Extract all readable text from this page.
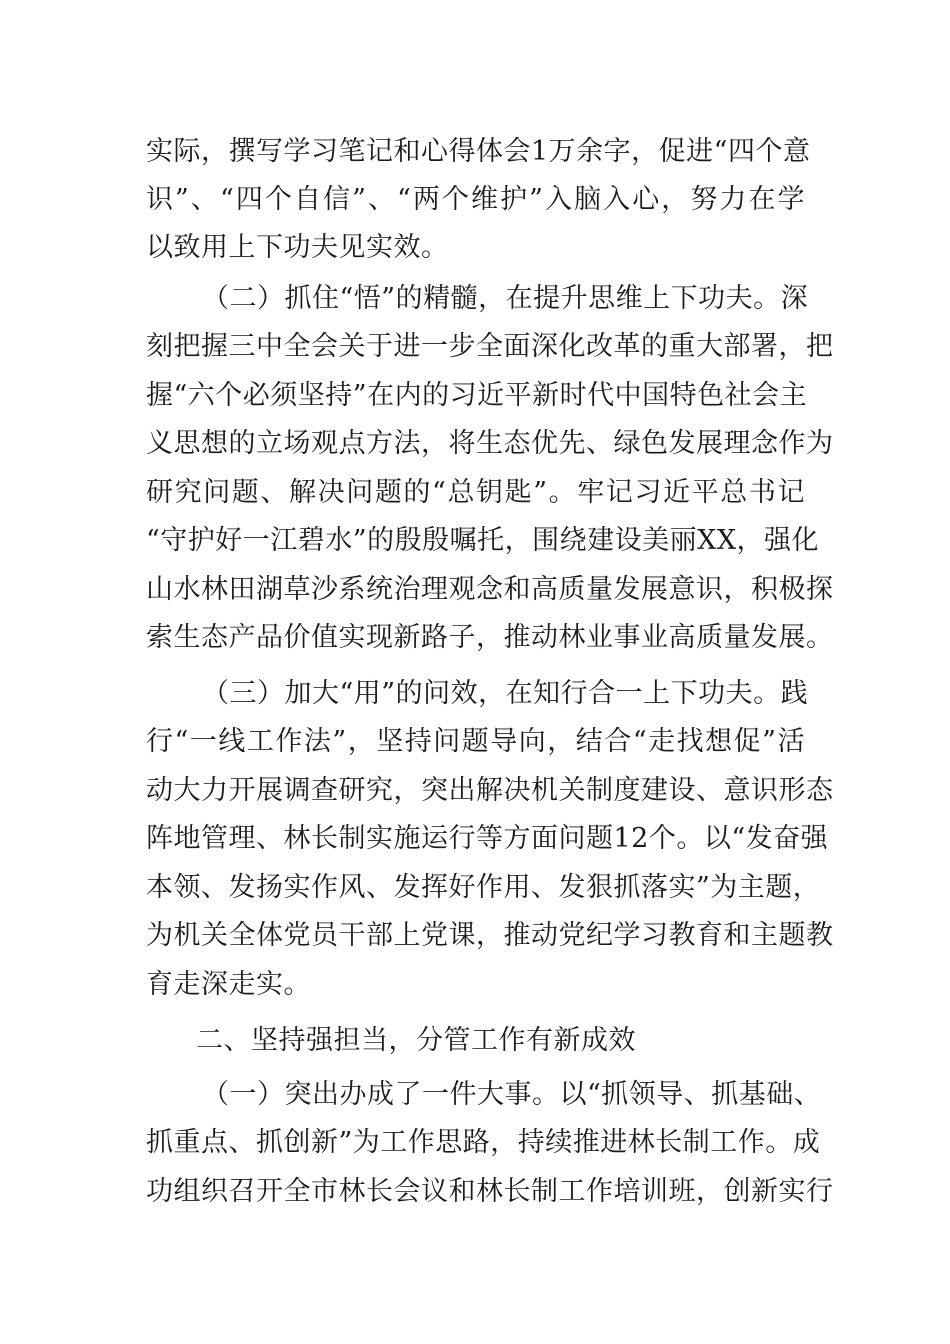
实际，撰写学习笔记和心得体会1万余字，促进“四个意
识”、“四个自信”、“两个维护”入脑入心，努力在学
以致用上下功夫见实效。
（二）抓住“悟”的精髓，在提升思维上下功夫。深
刻把握三中全会关于进一步全面深化改革的重大部署，把
握“六个必须坚持”在内的习近平新时代中国特色社会主
义思想的立场观点方法，将生态优先、绿色发展理念作为
研究问题、解决问题的“总钥匙”。牢记习近平总书记
“守护好一江碧水”的殷殷嘱托，围绕建设美丽XX，强化
山水林田湖草沙系统治理观念和高质量发展意识，积极探
索生态产品价值实现新路子，推动林业事业高质量发展。
（三）加大“用”的问效，在知行合一上下功夫。践
行“一线工作法”，坚持问题导向，结合“走找想促”活
动大力开展调查研究，突出解决机关制度建设、意识形态
阵地管理、林长制实施运行等方面问题12个。以“发奋强
本领、发扬实作风、发挥好作用、发狠抓落实”为主题，
为机关全体党员干部上党课，推动党纪学习教育和主题教
育走深走实。
二、坚持强担当，分管工作有新成效
（一）突出办成了一件大事。以“抓领导、抓基础、
抓重点、抓创新”为工作思路，持续推进林长制工作。成
功组织召开全市林长会议和林长制工作培训班，创新实行
